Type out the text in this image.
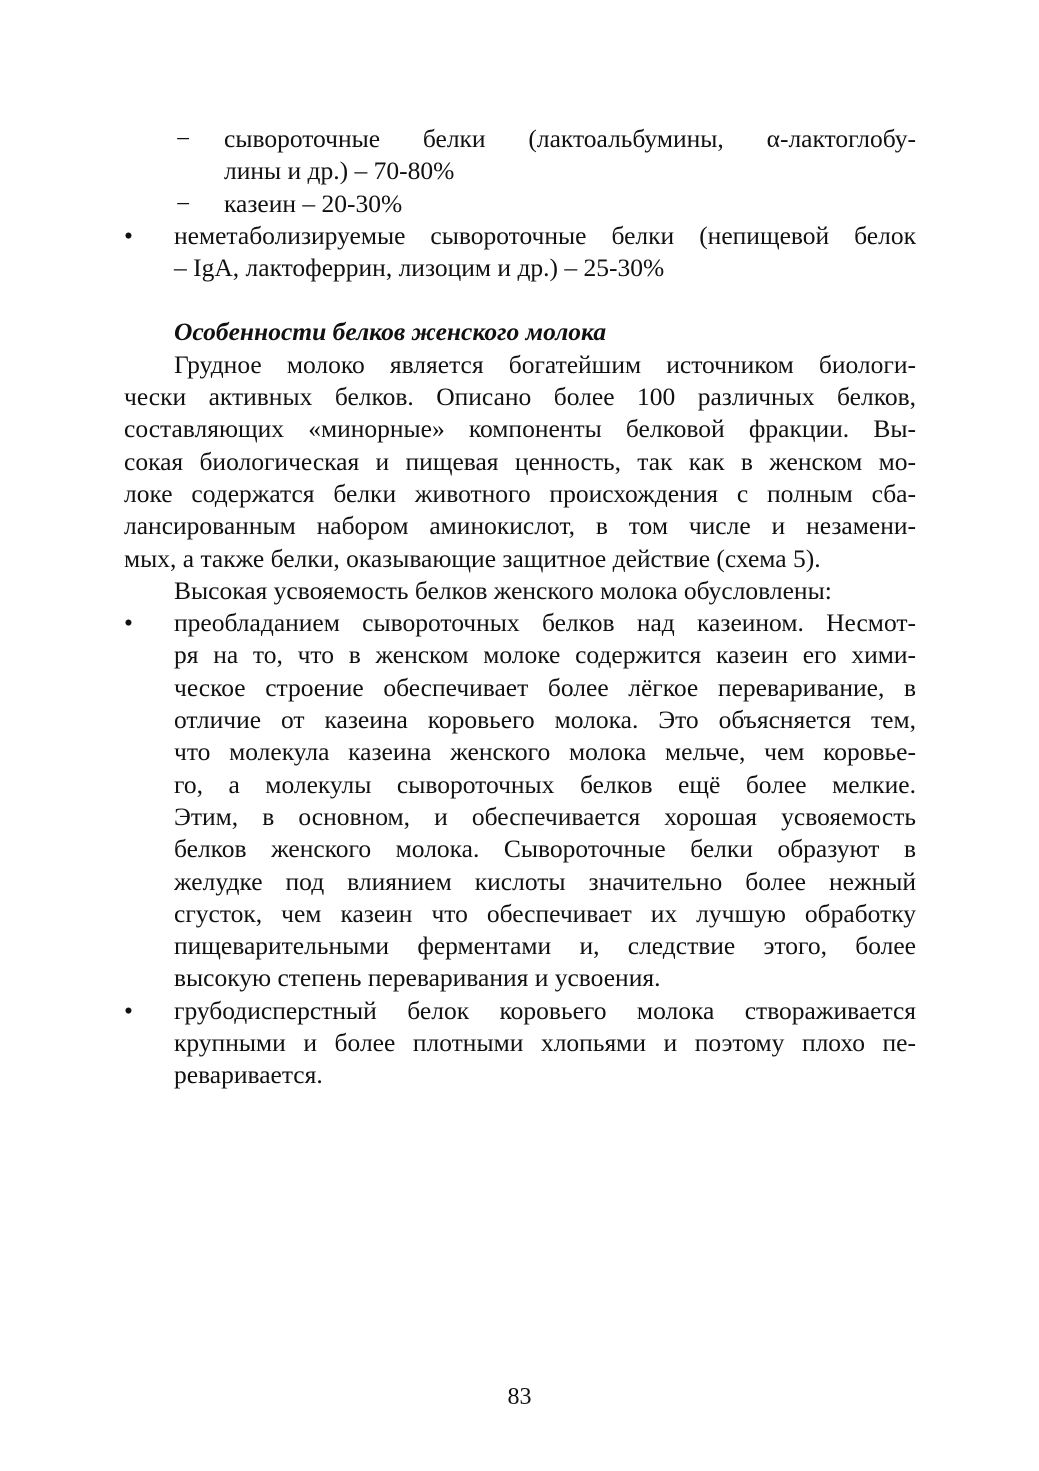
− сывороточные белки (лактоальбумины, α-лактоглобу-
лины и др.) – 70-80%
− казеин – 20-30%
• неметаболизируемые сывороточные белки (непищевой белок
– IgA, лактоферрин, лизоцим и др.) – 25-30%
Особенности белков женского молока
Грудное молоко является богатейшим источником биологи-
чески активных белков. Описано более 100 различных белков,
составляющих «минорные» компоненты белковой фракции. Вы-
сокая биологическая и пищевая ценность, так как в женском мо-
локе содержатся белки животного происхождения с полным сба-
лансированным набором аминокислот, в том числе и незамени-
мых, а также белки, оказывающие защитное действие (схема 5).
Высокая усвояемость белков женского молока обусловлены:
• преобладанием сывороточных белков над казеином. Несмот-
ря на то, что в женском молоке содержится казеин его хими-
ческое строение обеспечивает более лёгкое переваривание, в
отличие от казеина коровьего молока. Это объясняется тем,
что молекула казеина женского молока мельче, чем коровье-
го, а молекулы сывороточных белков ещё более мелкие.
Этим, в основном, и обеспечивается хорошая усвояемость
белков женского молока. Сывороточные белки образуют в
желудке под влиянием кислоты значительно более нежный
сгусток, чем казеин что обеспечивает их лучшую обработку
пищеварительными ферментами и, следствие этого, более
высокую степень переваривания и усвоения.
• грубодисперстный белок коровьего молока створаживается
крупными и более плотными хлопьями и поэтому плохо пе-
реваривается.
83
